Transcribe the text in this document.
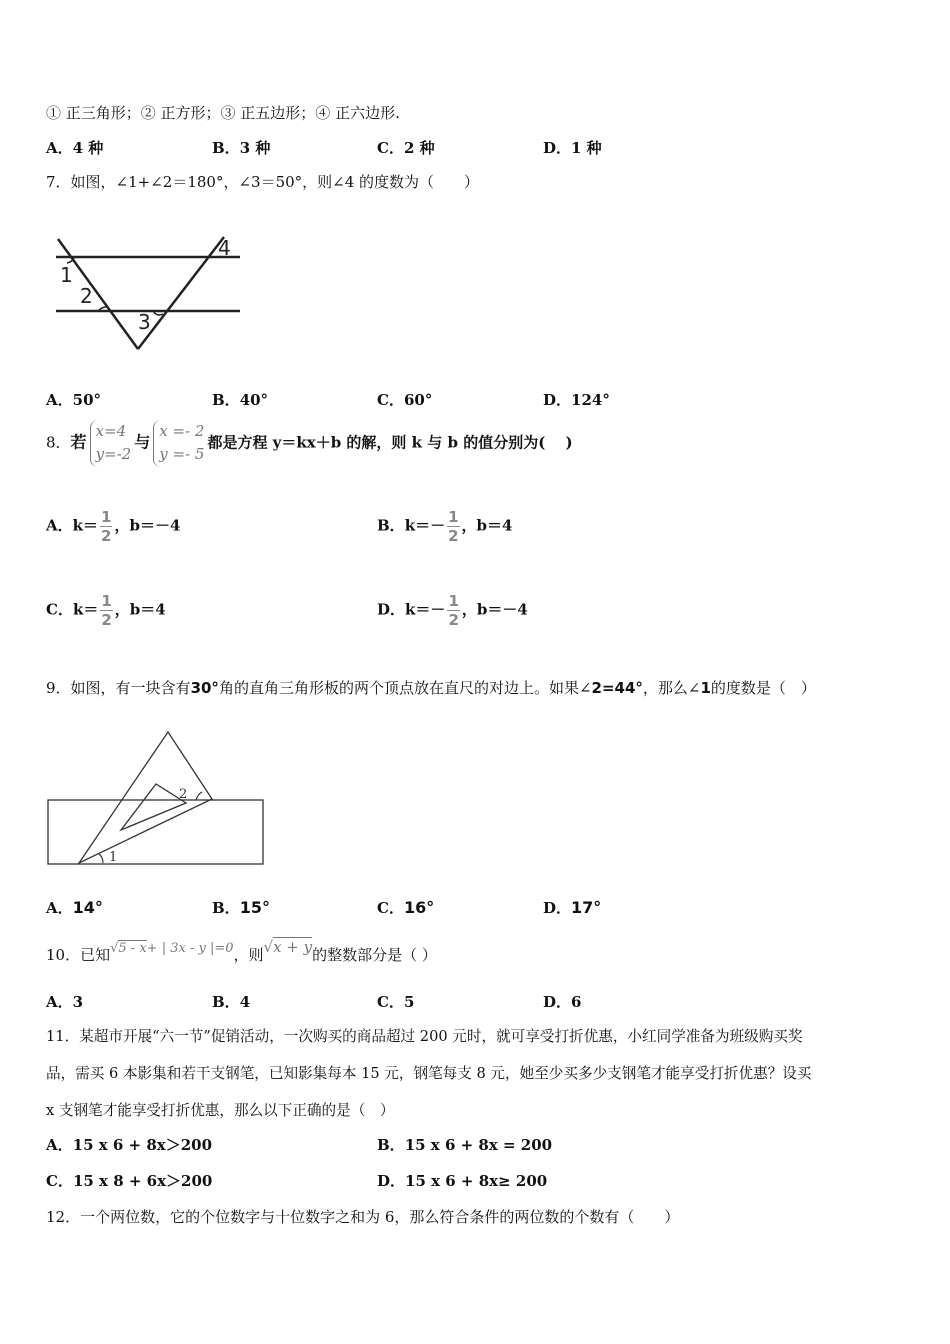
① 正三角形；② 正方形；③ 正五边形；④ 正六边形.
A．4 种	B．3 种	C．2 种	D．1 种
7．如图，∠1+∠2＝180°，∠3＝50°，则∠4 的度数为（　　）
1
2
3
4
A．50°	B．40°	C．60°	D．124°
8．若
x=4
y=-2
与
x =- 2
y =- 5
都是方程 y＝kx＋b 的解，则 k 与 b 的值分别为(　 )
A．$k= \frac{1}{2}$ ，b＝－4	B．$k=- \frac{1}{2}$ ，b＝4
C．$k= \frac{1}{2}$ ，b＝4	D．$k=- \frac{1}{2}$ ，b＝－4
9．如图，有一块含有30°角的直角三角形板的两个顶点放在直尺的对边上。如果∠2=44°，那么∠1的度数是（　）
1
2
A．14°	B．15°	C．16°	D．17°
10．已知√5 - x+ | 3x - y |=0，则√x + y的整数部分是（ ）
A．3	B．4	C．5	D．6
11．某超市开展“六一节”促销活动，一次购买的商品超过 200 元时，就可享受打折优惠，小红同学准备为班级购买奖
品，需买 6 本影集和若干支钢笔，已知影集每本 15 元，钢笔每支 8 元，她至少买多少支钢笔才能享受打折优惠？设买
x 支钢笔才能享受打折优惠，那么以下正确的是（　）
A．15 x 6 + 8x＞200	B．15 x 6 + 8x = 200
C．15 x 8 + 6x＞200	D．15 x 6 + 8x≥ 200
12．一个两位数，它的个位数字与十位数字之和为 6，那么符合条件的两位数的个数有（　　）
